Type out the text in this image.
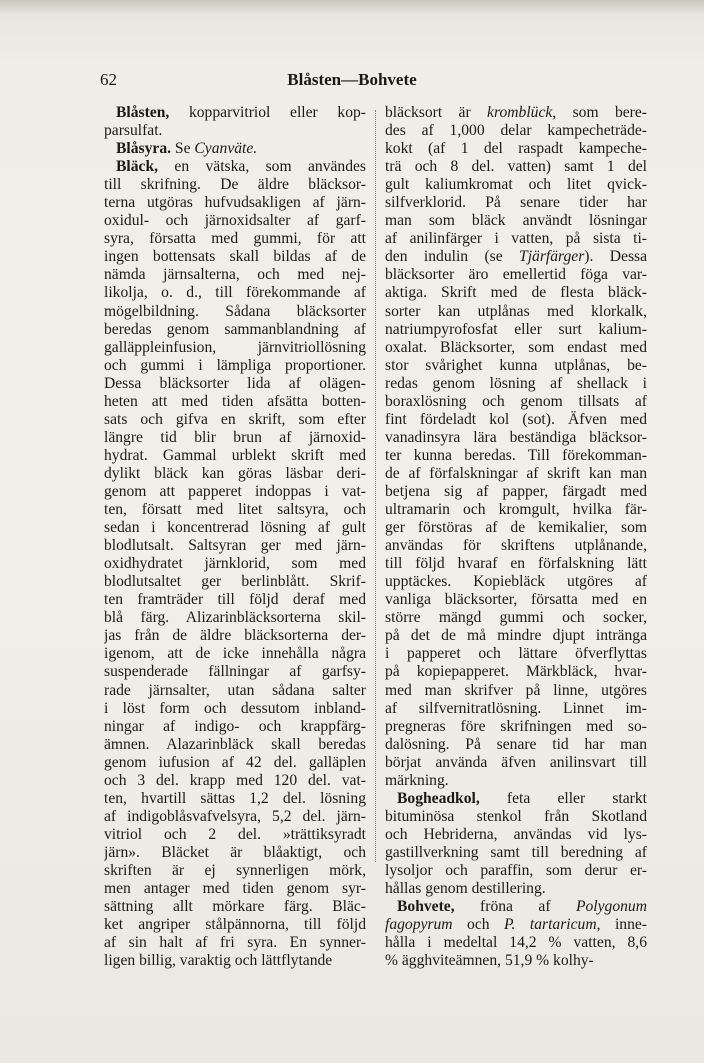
62	Blåsten—Bohvete
Blåsten, kopparvitriol eller kop-
parsulfat.
Blåsyra. Se Cyanväte.
Bläck, en vätska, som användes
till skrifning. De äldre bläcksor-
terna utgöras hufvudsakligen af järn-
oxidul- och järnoxidsalter af garf-
syra, försatta med gummi, för att
ingen bottensats skall bildas af de
nämda järnsalterna, och med nej-
likolja, o. d., till förekommande af
mögelbildning. Sådana bläcksorter
beredas genom sammanblandning af
galläppleinfusion, järnvitriollösning
och gummi i lämpliga proportioner.
Dessa bläcksorter lida af olägen-
heten att med tiden afsätta botten-
sats och gifva en skrift, som efter
längre tid blir brun af järnoxid-
hydrat. Gammal urblekt skrift med
dylikt bläck kan göras läsbar deri-
genom att papperet indoppas i vat-
ten, försatt med litet saltsyra, och
sedan i koncentrerad lösning af gult
blodlutsalt. Saltsyran ger med järn-
oxidhydratet järnklorid, som med
blodlutsaltet ger berlinblått. Skrif-
ten framträder till följd deraf med
blå färg. Alizarinbläcksorterna skil-
jas från de äldre bläcksorterna der-
igenom, att de icke innehålla några
suspenderade fällningar af garfsy-
rade järnsalter, utan sådana salter
i löst form och dessutom inbland-
ningar af indigo- och krappfärg-
ämnen. Alazarinbläck skall beredas
genom iufusion af 42 del. galläplen
och 3 del. krapp med 120 del. vat-
ten, hvartill sättas 1,2 del. lösning
af indigoblåsvafvelsyra, 5,2 del. järn-
vitriol och 2 del. »trättiksyradt
järn». Bläcket är blåaktigt, och
skriften är ej synnerligen mörk,
men antager med tiden genom syr-
sättning allt mörkare färg. Bläc-
ket angriper stålpännorna, till följd
af sin halt af fri syra. En synner-
ligen billig, varaktig och lättflytande
bläcksort är kromblück, som bere-
des af 1,000 delar kampecheträde-
kokt (af 1 del raspadt kampeche-
trä och 8 del. vatten) samt 1 del
gult kaliumkromat och litet qvick-
silfverklorid. På senare tider har
man som bläck användt lösningar
af anilinfärger i vatten, på sista ti-
den indulin (se Tjärfärger). Dessa
bläcksorter äro emellertid föga var-
aktiga. Skrift med de flesta bläck-
sorter kan utplånas med klorkalk,
natriumpyrofosfat eller surt kalium-
oxalat. Bläcksorter, som endast med
stor svårighet kunna utplånas, be-
redas genom lösning af shellack i
boraxlösning och genom tillsats af
fint fördeladt kol (sot). Äfven med
vanadinsyra lära beständiga bläcksor-
ter kunna beredas. Till förekomman-
de af förfalskningar af skrift kan man
betjena sig af papper, färgadt med
ultramarin och kromgult, hvilka fär-
ger förstöras af de kemikalier, som
användas för skriftens utplånande,
till följd hvaraf en förfalskning lätt
upptäckes. Kopiebläck utgöres af
vanliga bläcksorter, försatta med en
större mängd gummi och socker,
på det de må mindre djupt intränga
i papperet och lättare öfverflyttas
på kopiepapperet. Märkbläck, hvar-
med man skrifver på linne, utgöres
af silfvernitratlösning. Linnet im-
pregneras före skrifningen med so-
dalösning. På senare tid har man
börjat använda äfven anilinsvart till
märkning.
Bogheadkol, feta eller starkt
bituminösa stenkol från Skotland
och Hebriderna, användas vid lys-
gastillverkning samt till beredning af
lysoljor och paraffin, som derur er-
hållas genom destillering.
Bohvete, fröna af Polygonum
fagopyrum och P. tartaricum, inne-
hålla i medeltal 14,2 % vatten, 8,6
% ägghviteämnen, 51,9 % kolhy-
